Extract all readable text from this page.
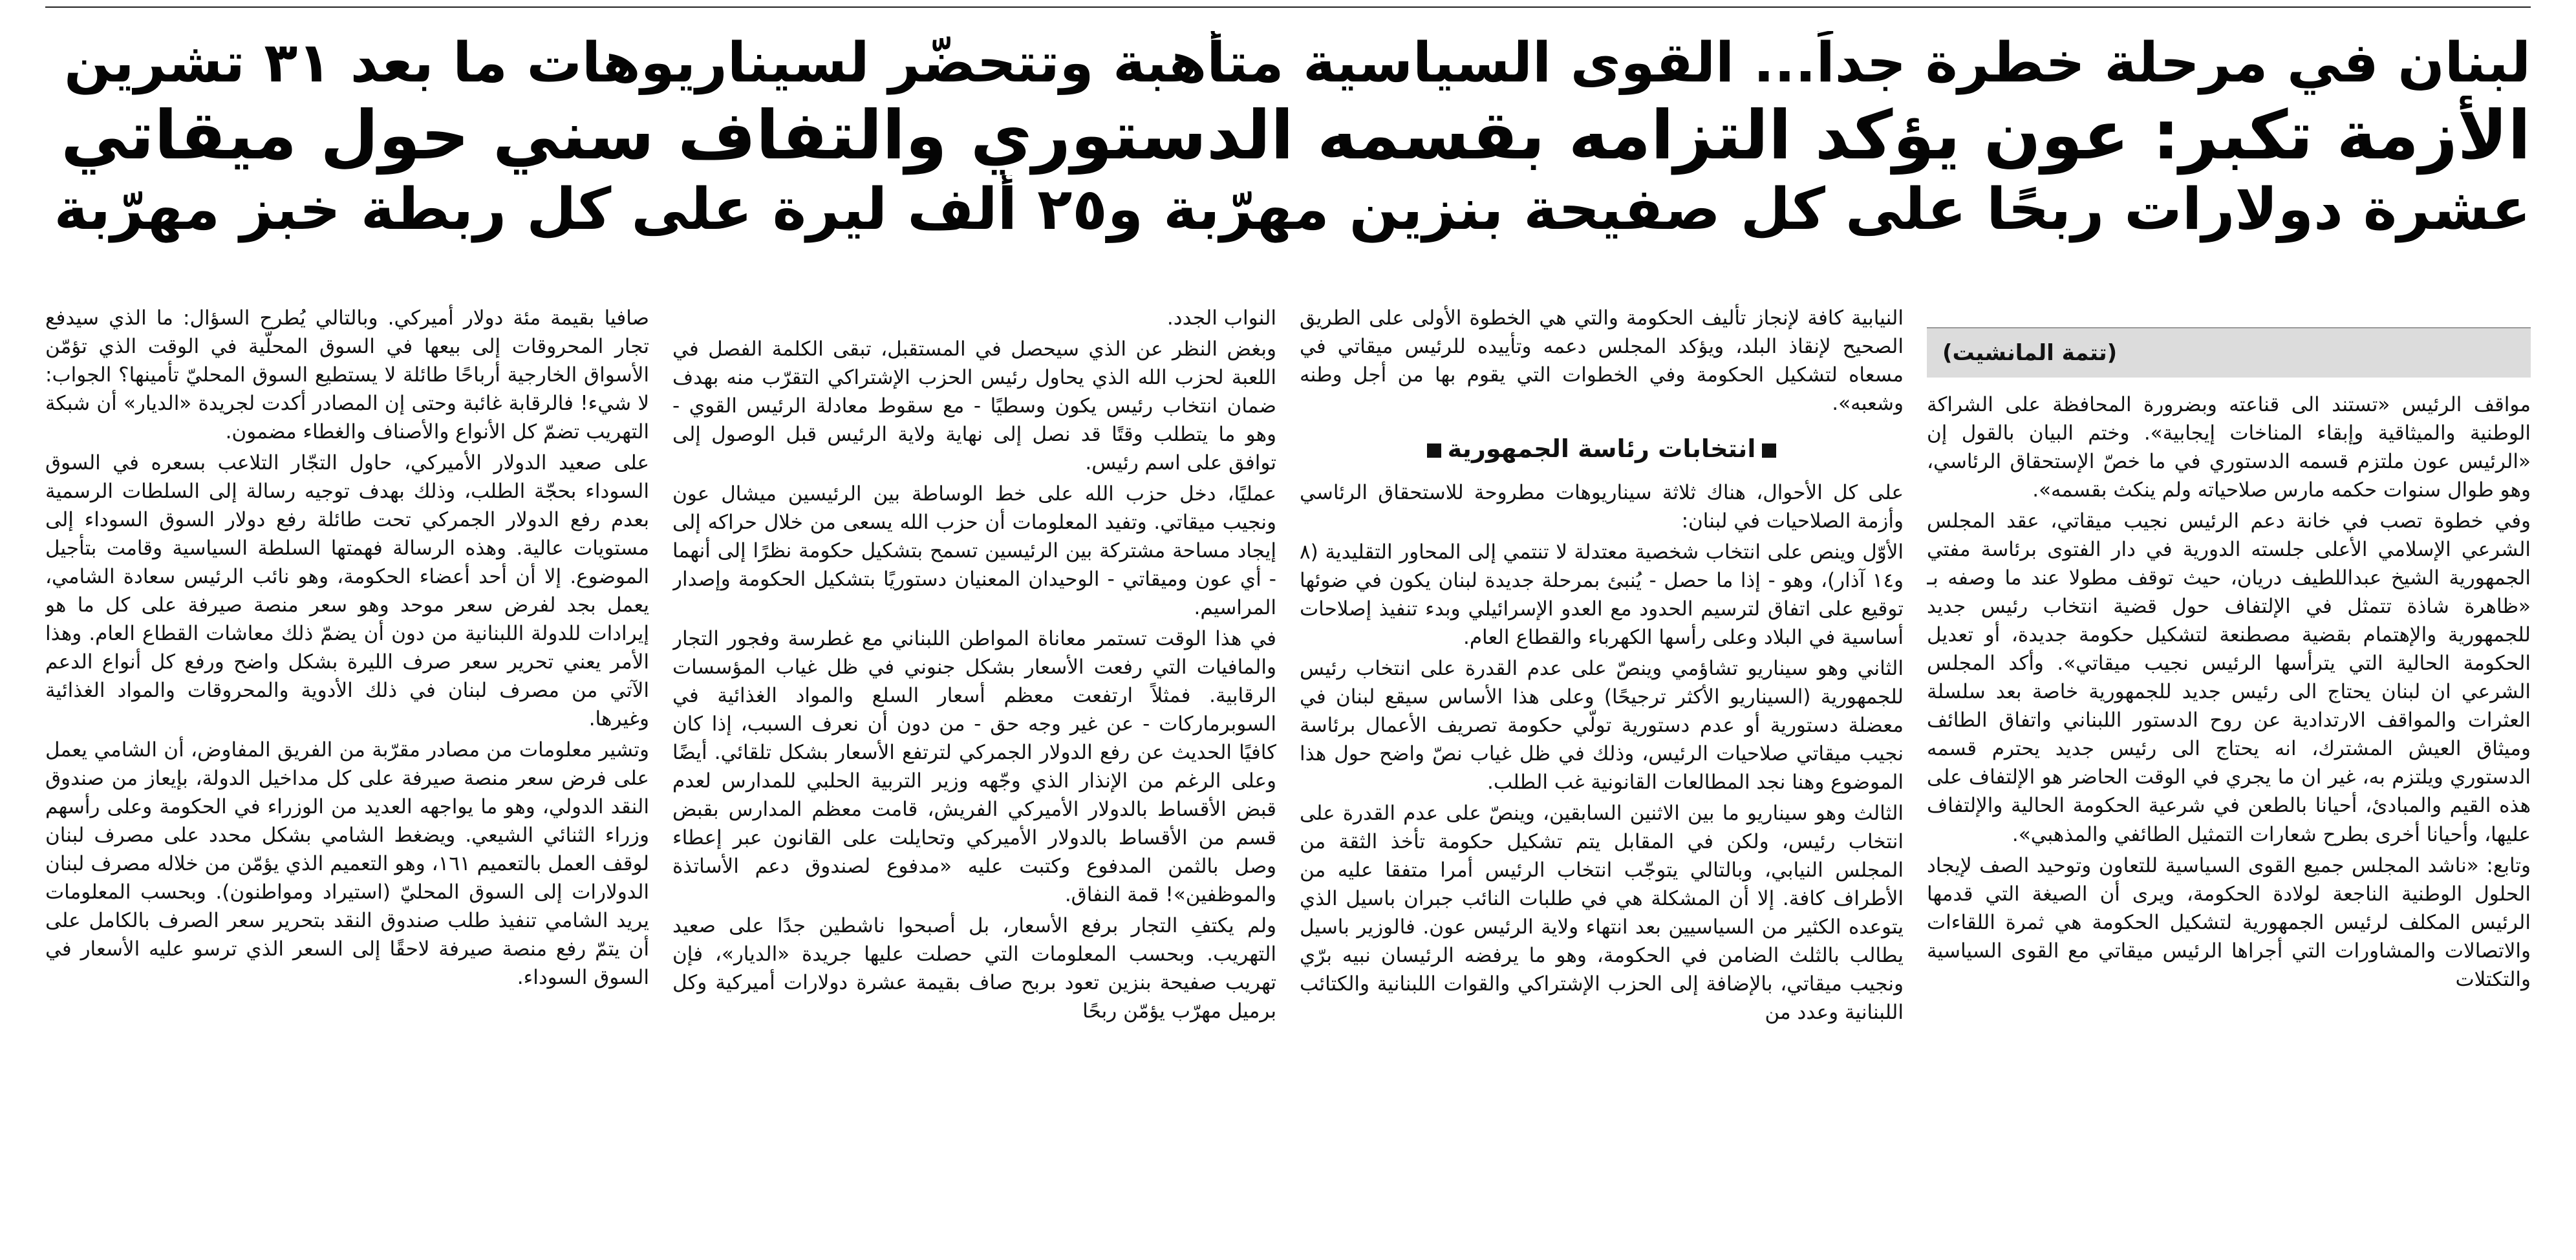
لبنان في مرحلة خطرة جداً... القوى السياسية متأهبة وتتحضّر لسيناريوهات ما بعد ٣١ تشرين
الأزمة تكبر: عون يؤكد التزامه بقسمه الدستوري والتفاف سني حول ميقاتي
عشرة دولارات ربحًا على كل صفيحة بنزين مهرّبة و٢٥ ألف ليرة على كل ربطة خبز مهرّبة
(تتمة المانشيت)

مواقف الرئيس «تستند الى قناعته وبضرورة المحافظة على الشراكة الوطنية والميثاقية وإبقاء المناخات إيجابية». وختم البيان بالقول إن «الرئيس عون ملتزم قسمه الدستوري في ما خصّ الإستحقاق الرئاسي، وهو طوال سنوات حكمه مارس صلاحياته ولم ينكث بقسمه».

وفي خطوة تصب في خانة دعم الرئيس نجيب ميقاتي، عقد المجلس الشرعي الإسلامي الأعلى جلسته الدورية في دار الفتوى برئاسة مفتي الجمهورية الشيخ عبداللطيف دريان، حيث توقف مطولا عند ما وصفه بـ «ظاهرة شاذة تتمثل في الإلتفاف حول قضية انتخاب رئيس جديد للجمهورية والإهتمام بقضية مصطنعة لتشكيل حكومة جديدة، أو تعديل الحكومة الحالية التي يترأسها الرئيس نجيب ميقاتي». وأكد المجلس الشرعي ان لبنان يحتاج الى رئيس جديد للجمهورية خاصة بعد سلسلة العثرات والمواقف الارتدادية عن روح الدستور اللبناني واتفاق الطائف وميثاق العيش المشترك، انه يحتاج الى رئيس جديد يحترم قسمه الدستوري ويلتزم به، غير ان ما يجري في الوقت الحاضر هو الإلتفاف على هذه القيم والمبادئ، أحيانا بالطعن في شرعية الحكومة الحالية والإلتفاف عليها، وأحيانا أخرى بطرح شعارات التمثيل الطائفي والمذهبي».

وتابع: «ناشد المجلس جميع القوى السياسية للتعاون وتوحيد الصف لإيجاد الحلول الوطنية الناجعة لولادة الحكومة، ويرى أن الصيغة التي قدمها الرئيس المكلف لرئيس الجمهورية لتشكيل الحكومة هي ثمرة اللقاءات والاتصالات والمشاورات التي أجراها الرئيس ميقاتي مع القوى السياسية والتكتلات

النيابية كافة لإنجاز تأليف الحكومة والتي هي الخطوة الأولى على الطريق الصحيح لإنقاذ البلد، ويؤكد المجلس دعمه وتأييده للرئيس ميقاتي في مسعاه لتشكيل الحكومة وفي الخطوات التي يقوم بها من أجل وطنه وشعبه».

انتخابات رئاسة الجمهورية

على كل الأحوال، هناك ثلاثة سيناريوهات مطروحة للاستحقاق الرئاسي وأزمة الصلاحيات في لبنان:

الأوّل وينص على انتخاب شخصية معتدلة لا تنتمي إلى المحاور التقليدية (٨ و١٤ آذار)، وهو - إذا ما حصل - يُنبئ بمرحلة جديدة لبنان يكون في ضوئها توقيع على اتفاق لترسيم الحدود مع العدو الإسرائيلي وبدء تنفيذ إصلاحات أساسية في البلاد وعلى رأسها الكهرباء والقطاع العام.

الثاني وهو سيناريو تشاؤمي وينصّ على عدم القدرة على انتخاب رئيس للجمهورية (السيناريو الأكثر ترجيحًا) وعلى هذا الأساس سيقع لبنان في معضلة دستورية أو عدم دستورية تولّي حكومة تصريف الأعمال برئاسة نجيب ميقاتي صلاحيات الرئيس، وذلك في ظل غياب نصّ واضح حول هذا الموضوع وهنا نجد المطالعات القانونية غب الطلب.

الثالث وهو سيناريو ما بين الاثنين السابقين، وينصّ على عدم القدرة على انتخاب رئيس، ولكن في المقابل يتم تشكيل حكومة تأخذ الثقة من المجلس النيابي، وبالتالي يتوجّب انتخاب الرئيس أمرا متفقا عليه من الأطراف كافة. إلا أن المشكلة هي في طلبات النائب جبران باسيل الذي يتوعده الكثير من السياسيين بعد انتهاء ولاية الرئيس عون. فالوزير باسيل يطالب بالثلث الضامن في الحكومة، وهو ما يرفضه الرئيسان نبيه برّي ونجيب ميقاتي، بالإضافة إلى الحزب الإشتراكي والقوات اللبنانية والكتائب اللبنانية وعدد من

النواب الجدد.

وبغض النظر عن الذي سيحصل في المستقبل، تبقى الكلمة الفصل في اللعبة لحزب الله الذي يحاول رئيس الحزب الإشتراكي التقرّب منه بهدف ضمان انتخاب رئيس يكون وسطيًا - مع سقوط معادلة الرئيس القوي - وهو ما يتطلب وقتًا قد نصل إلى نهاية ولاية الرئيس قبل الوصول إلى توافق على اسم رئيس.

عمليًا، دخل حزب الله على خط الوساطة بين الرئيسين ميشال عون ونجيب ميقاتي. وتفيد المعلومات أن حزب الله يسعى من خلال حراكه إلى إيجاد مساحة مشتركة بين الرئيسين تسمح بتشكيل حكومة نظرًا إلى أنهما - أي عون وميقاتي - الوحيدان المعنيان دستوريًا بتشكيل الحكومة وإصدار المراسيم.

في هذا الوقت تستمر معاناة المواطن اللبناني مع غطرسة وفجور التجار والمافيات التي رفعت الأسعار بشكل جنوني في ظل غياب المؤسسات الرقابية. فمثلاً ارتفعت معظم أسعار السلع والمواد الغذائية في السوبرماركات - عن غير وجه حق - من دون أن نعرف السبب، إذا كان كافيًا الحديث عن رفع الدولار الجمركي لترتفع الأسعار بشكل تلقائي. أيضًا وعلى الرغم من الإنذار الذي وجّهه وزير التربية الحلبي للمدارس لعدم قبض الأقساط بالدولار الأميركي الفريش، قامت معظم المدارس بقبض قسم من الأقساط بالدولار الأميركي وتحايلت على القانون عبر إعطاء وصل بالثمن المدفوع وكتبت عليه «مدفوع لصندوق دعم الأساتذة والموظفين»! قمة النفاق.

ولم يكتفِ التجار برفع الأسعار، بل أصبحوا ناشطين جدًا على صعيد التهريب. وبحسب المعلومات التي حصلت عليها جريدة «الديار»، فإن تهريب صفيحة بنزين تعود بربح صاف بقيمة عشرة دولارات أميركية وكل برميل مهرّب يؤمّن ربحًا

صافيا بقيمة مئة دولار أميركي. وبالتالي يُطرح السؤال: ما الذي سيدفع تجار المحروقات إلى بيعها في السوق المحلّية في الوقت الذي تؤمّن الأسواق الخارجية أرباحًا طائلة لا يستطيع السوق المحليّ تأمينها؟ الجواب: لا شيء! فالرقابة غائبة وحتى إن المصادر أكدت لجريدة «الديار» أن شبكة التهريب تضمّ كل الأنواع والأصناف والغطاء مضمون.

على صعيد الدولار الأميركي، حاول التجّار التلاعب بسعره في السوق السوداء بحجّة الطلب، وذلك بهدف توجيه رسالة إلى السلطات الرسمية بعدم رفع الدولار الجمركي تحت طائلة رفع دولار السوق السوداء إلى مستويات عالية. وهذه الرسالة فهمتها السلطة السياسية وقامت بتأجيل الموضوع. إلا أن أحد أعضاء الحكومة، وهو نائب الرئيس سعادة الشامي، يعمل بجد لفرض سعر موحد وهو سعر منصة صيرفة على كل ما هو إيرادات للدولة اللبنانية من دون أن يضمّ ذلك معاشات القطاع العام. وهذا الأمر يعني تحرير سعر صرف الليرة بشكل واضح ورفع كل أنواع الدعم الآتي من مصرف لبنان في ذلك الأدوية والمحروقات والمواد الغذائية وغيرها.

وتشير معلومات من مصادر مقرّبة من الفريق المفاوض، أن الشامي يعمل على فرض سعر منصة صيرفة على كل مداخيل الدولة، بإيعاز من صندوق النقد الدولي، وهو ما يواجهه العديد من الوزراء في الحكومة وعلى رأسهم وزراء الثنائي الشيعي. ويضغط الشامي بشكل محدد على مصرف لبنان لوقف العمل بالتعميم ١٦١، وهو التعميم الذي يؤمّن من خلاله مصرف لبنان الدولارات إلى السوق المحليّ (استيراد ومواطنون). وبحسب المعلومات يريد الشامي تنفيذ طلب صندوق النقد بتحرير سعر الصرف بالكامل على أن يتمّ رفع منصة صيرفة لاحقًا إلى السعر الذي ترسو عليه الأسعار في السوق السوداء.
